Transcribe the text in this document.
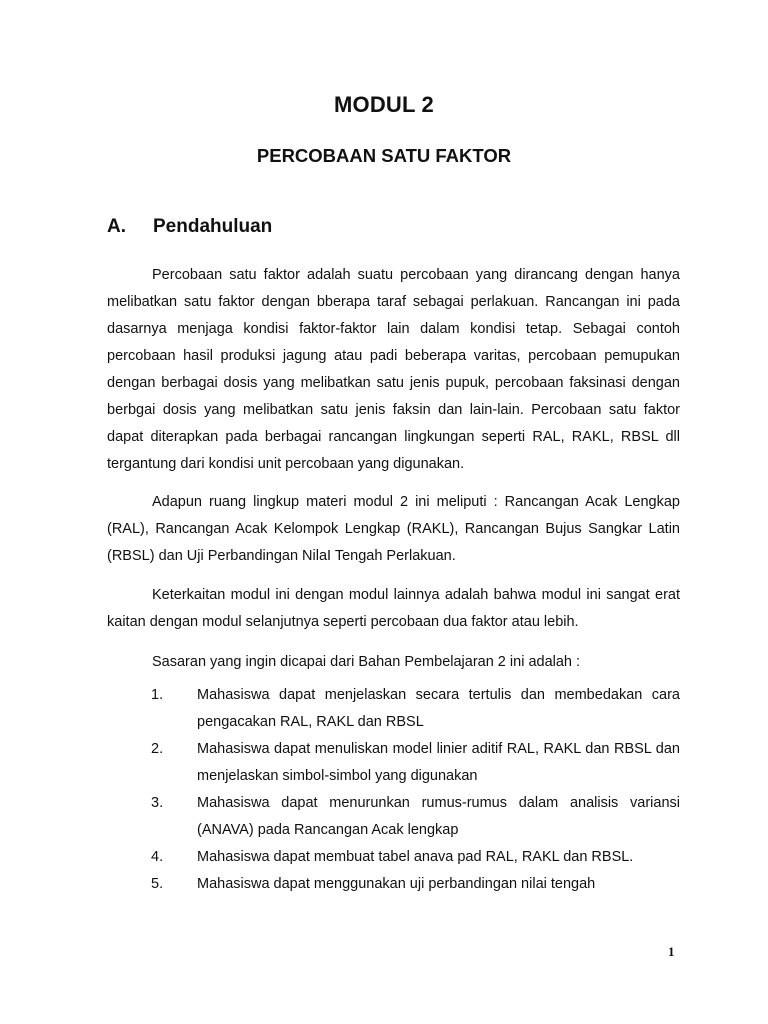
MODUL 2
PERCOBAAN SATU FAKTOR
A.	Pendahuluan
Percobaan satu faktor adalah suatu percobaan yang dirancang dengan hanya melibatkan satu faktor dengan bberapa taraf sebagai perlakuan. Rancangan ini pada dasarnya menjaga kondisi faktor-faktor lain dalam kondisi tetap. Sebagai contoh percobaan hasil produksi jagung atau padi beberapa varitas, percobaan pemupukan dengan berbagai dosis yang melibatkan satu jenis pupuk, percobaan faksinasi dengan berbgai dosis yang melibatkan satu jenis faksin dan lain-lain. Percobaan satu faktor dapat diterapkan pada berbagai rancangan lingkungan seperti RAL, RAKL, RBSL dll tergantung dari kondisi unit percobaan yang digunakan.
Adapun ruang lingkup materi modul 2 ini meliputi : Rancangan Acak Lengkap (RAL), Rancangan Acak Kelompok Lengkap (RAKL), Rancangan Bujus Sangkar Latin (RBSL) dan Uji Perbandingan NilaI Tengah Perlakuan.
Keterkaitan modul ini dengan modul lainnya adalah bahwa modul ini sangat erat kaitan dengan modul selanjutnya seperti percobaan dua faktor atau lebih.
Sasaran yang ingin dicapai dari Bahan Pembelajaran 2 ini adalah :
1.	Mahasiswa dapat menjelaskan secara tertulis dan membedakan cara pengacakan RAL, RAKL dan RBSL
2.	Mahasiswa dapat menuliskan model linier aditif RAL, RAKL dan RBSL dan menjelaskan simbol-simbol yang digunakan
3.	Mahasiswa dapat menurunkan rumus-rumus dalam analisis variansi (ANAVA) pada Rancangan Acak lengkap
4.	Mahasiswa dapat membuat tabel anava pad RAL, RAKL dan RBSL.
5.	Mahasiswa dapat menggunakan uji perbandingan nilai tengah
1
